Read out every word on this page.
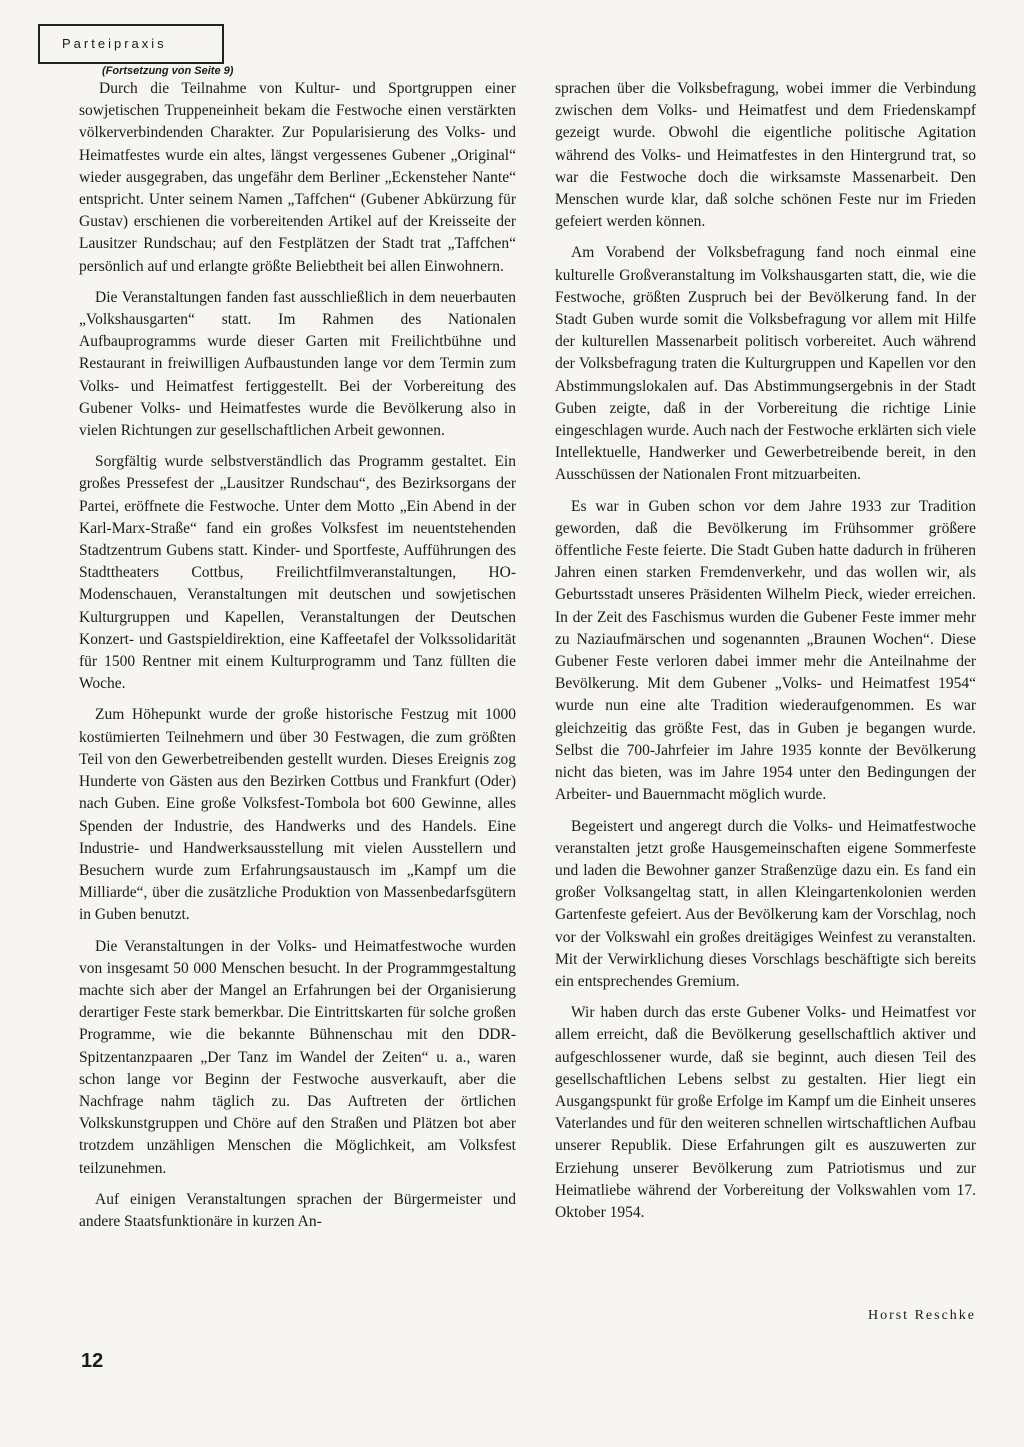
Parteipraxis
(Fortsetzung von Seite 9)

Durch die Teilnahme von Kultur- und Sportgruppen einer sowjetischen Truppeneinheit bekam die Festwoche einen verstärkten völkerverbindenden Charakter. Zur Popularisierung des Volks- und Heimatfestes wurde ein altes, längst vergessenes Gubener „Original“ wieder ausgegraben, das ungefähr dem Berliner „Eckensteher Nante“ entspricht. Unter seinem Namen „Taffchen“ (Gubener Abkürzung für Gustav) erschienen die vorbereitenden Artikel auf der Kreisseite der Lausitzer Rundschau; auf den Festplätzen der Stadt trat „Taffchen“ persönlich auf und erlangte größte Beliebtheit bei allen Einwohnern.

Die Veranstaltungen fanden fast ausschließlich in dem neuerbauten „Volkshausgarten“ statt. Im Rahmen des Nationalen Aufbauprogramms wurde dieser Garten mit Freilichtbühne und Restaurant in freiwilligen Aufbaustunden lange vor dem Termin zum Volks- und Heimatfest fertiggestellt. Bei der Vorbereitung des Gubener Volks- und Heimatfestes wurde die Bevölkerung also in vielen Richtungen zur gesellschaftlichen Arbeit gewonnen.

Sorgfältig wurde selbstverständlich das Programm gestaltet. Ein großes Pressefest der „Lausitzer Rundschau“, des Bezirksorgans der Partei, eröffnete die Festwoche. Unter dem Motto „Ein Abend in der Karl-Marx-Straße“ fand ein großes Volksfest im neuentstehenden Stadtzentrum Gubens statt. Kinder- und Sportfeste, Aufführungen des Stadttheaters Cottbus, Freilichtfilmveranstaltungen, HO-Modenschauen, Veranstaltungen mit deutschen und sowjetischen Kulturgruppen und Kapellen, Veranstaltungen der Deutschen Konzert- und Gastspieldirektion, eine Kaffeetafel der Volkssolidarität für 1500 Rentner mit einem Kulturprogramm und Tanz füllten die Woche.

Zum Höhepunkt wurde der große historische Festzug mit 1000 kostümierten Teilnehmern und über 30 Festwagen, die zum größten Teil von den Gewerbetreibenden gestellt wurden. Dieses Ereignis zog Hunderte von Gästen aus den Bezirken Cottbus und Frankfurt (Oder) nach Guben. Eine große Volksfest-Tombola bot 600 Gewinne, alles Spenden der Industrie, des Handwerks und des Handels. Eine Industrie- und Handwerksausstellung mit vielen Ausstellern und Besuchern wurde zum Erfahrungsaustausch im „Kampf um die Milliarde“, über die zusätzliche Produktion von Massenbedarfsgütern in Guben benutzt.

Die Veranstaltungen in der Volks- und Heimatfestwoche wurden von insgesamt 50 000 Menschen besucht. In der Programmgestaltung machte sich aber der Mangel an Erfahrungen bei der Organisierung derartiger Feste stark bemerkbar. Die Eintrittskarten für solche großen Programme, wie die bekannte Bühnenschau mit den DDR-Spitzentanzpaaren „Der Tanz im Wandel der Zeiten“ u. a., waren schon lange vor Beginn der Festwoche ausverkauft, aber die Nachfrage nahm täglich zu. Das Auftreten der örtlichen Volkskunstgruppen und Chöre auf den Straßen und Plätzen bot aber trotzdem unzähligen Menschen die Möglichkeit, am Volksfest teilzunehmen.

Auf einigen Veranstaltungen sprachen der Bürgermeister und andere Staatsfunktionäre in kurzen An-

sprachen über die Volksbefragung, wobei immer die Verbindung zwischen dem Volks- und Heimatfest und dem Friedenskampf gezeigt wurde. Obwohl die eigentliche politische Agitation während des Volks- und Heimatfestes in den Hintergrund trat, so war die Festwoche doch die wirksamste Massenarbeit. Den Menschen wurde klar, daß solche schönen Feste nur im Frieden gefeiert werden können.

Am Vorabend der Volksbefragung fand noch einmal eine kulturelle Großveranstaltung im Volkshausgarten statt, die, wie die Festwoche, größten Zuspruch bei der Bevölkerung fand. In der Stadt Guben wurde somit die Volksbefragung vor allem mit Hilfe der kulturellen Massenarbeit politisch vorbereitet. Auch während der Volksbefragung traten die Kulturgruppen und Kapellen vor den Abstimmungslokalen auf. Das Abstimmungsergebnis in der Stadt Guben zeigte, daß in der Vorbereitung die richtige Linie eingeschlagen wurde. Auch nach der Festwoche erklärten sich viele Intellektuelle, Handwerker und Gewerbetreibende bereit, in den Ausschüssen der Nationalen Front mitzuarbeiten.

Es war in Guben schon vor dem Jahre 1933 zur Tradition geworden, daß die Bevölkerung im Frühsommer größere öffentliche Feste feierte. Die Stadt Guben hatte dadurch in früheren Jahren einen starken Fremdenverkehr, und das wollen wir, als Geburtsstadt unseres Präsidenten Wilhelm Pieck, wieder erreichen. In der Zeit des Faschismus wurden die Gubener Feste immer mehr zu Naziaufmärschen und sogenannten „Braunen Wochen“. Diese Gubener Feste verloren dabei immer mehr die Anteilnahme der Bevölkerung. Mit dem Gubener „Volks- und Heimatfest 1954“ wurde nun eine alte Tradition wiederaufgenommen. Es war gleichzeitig das größte Fest, das in Guben je begangen wurde. Selbst die 700-Jahrfeier im Jahre 1935 konnte der Bevölkerung nicht das bieten, was im Jahre 1954 unter den Bedingungen der Arbeiter- und Bauernmacht möglich wurde.

Begeistert und angeregt durch die Volks- und Heimatfestwoche veranstalten jetzt große Hausgemeinschaften eigene Sommerfeste und laden die Bewohner ganzer Straßenzüge dazu ein. Es fand ein großer Volksangeltag statt, in allen Kleingartenkolonien werden Gartenfeste gefeiert. Aus der Bevölkerung kam der Vorschlag, noch vor der Volkswahl ein großes dreitägiges Weinfest zu veranstalten. Mit der Verwirklichung dieses Vorschlags beschäftigte sich bereits ein entsprechendes Gremium.

Wir haben durch das erste Gubener Volks- und Heimatfest vor allem erreicht, daß die Bevölkerung gesellschaftlich aktiver und aufgeschlossener wurde, daß sie beginnt, auch diesen Teil des gesellschaftlichen Lebens selbst zu gestalten. Hier liegt ein Ausgangspunkt für große Erfolge im Kampf um die Einheit unseres Vaterlandes und für den weiteren schnellen wirtschaftlichen Aufbau unserer Republik. Diese Erfahrungen gilt es auszuwerten zur Erziehung unserer Bevölkerung zum Patriotismus und zur Heimatliebe während der Vorbereitung der Volkswahlen vom 17. Oktober 1954.

Horst Reschke
12
